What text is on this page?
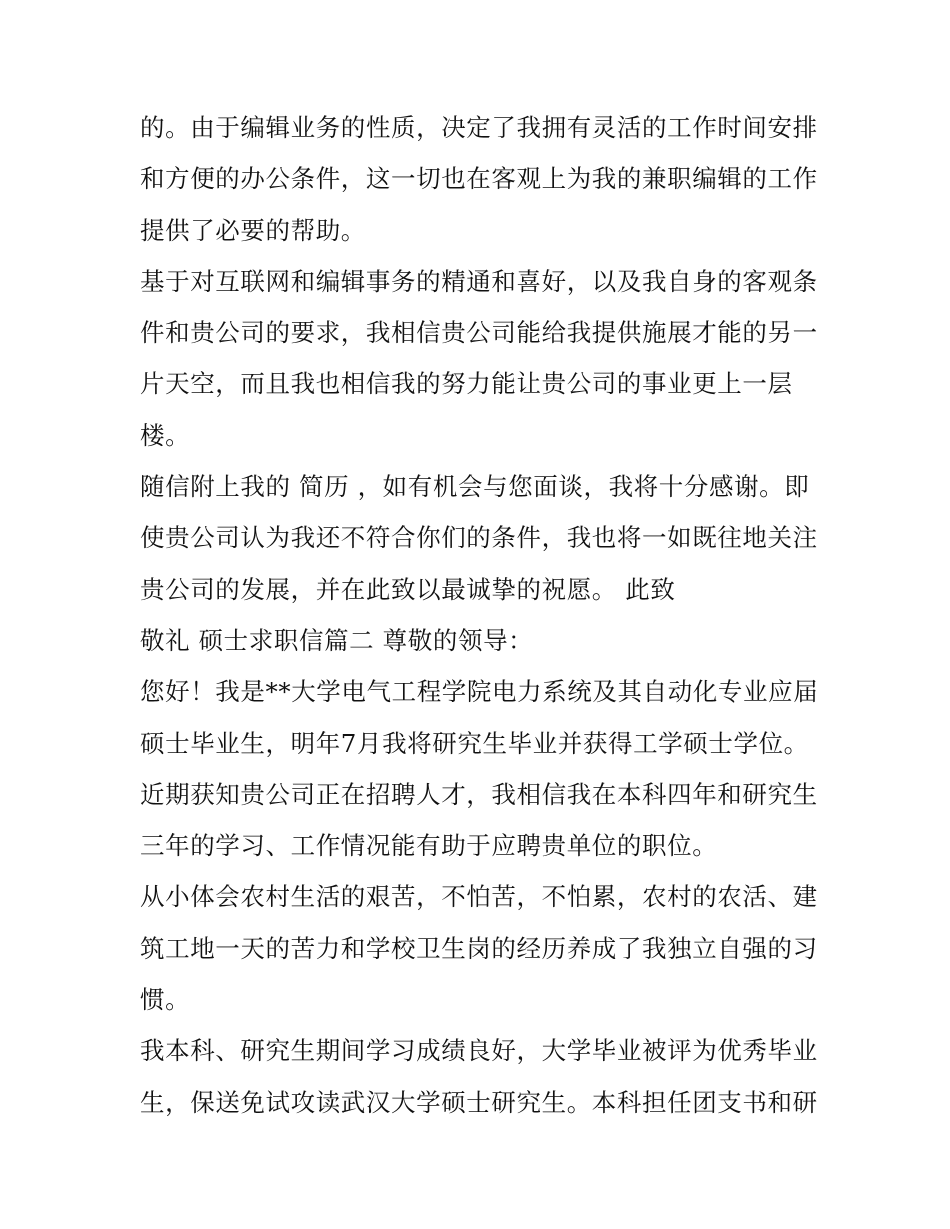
的。由于编辑业务的性质，决定了我拥有灵活的工作时间安排
和方便的办公条件，这一切也在客观上为我的兼职编辑的工作
提供了必要的帮助。
基于对互联网和编辑事务的精通和喜好，以及我自身的客观条
件和贵公司的要求，我相信贵公司能给我提供施展才能的另一
片天空，而且我也相信我的努力能让贵公司的事业更上一层
楼。
随信附上我的 简历 ，如有机会与您面谈，我将十分感谢。即
使贵公司认为我还不符合你们的条件，我也将一如既往地关注
贵公司的发展，并在此致以最诚挚的祝愿。 此致
敬礼 硕士求职信篇二 尊敬的领导：
您好！我是**大学电气工程学院电力系统及其自动化专业应届
硕士毕业生，明年7月我将研究生毕业并获得工学硕士学位。
近期获知贵公司正在招聘人才，我相信我在本科四年和研究生
三年的学习、工作情况能有助于应聘贵单位的职位。
从小体会农村生活的艰苦，不怕苦，不怕累，农村的农活、建
筑工地一天的苦力和学校卫生岗的经历养成了我独立自强的习
惯。
我本科、研究生期间学习成绩良好，大学毕业被评为优秀毕业
生，保送免试攻读武汉大学硕士研究生。本科担任团支书和研
